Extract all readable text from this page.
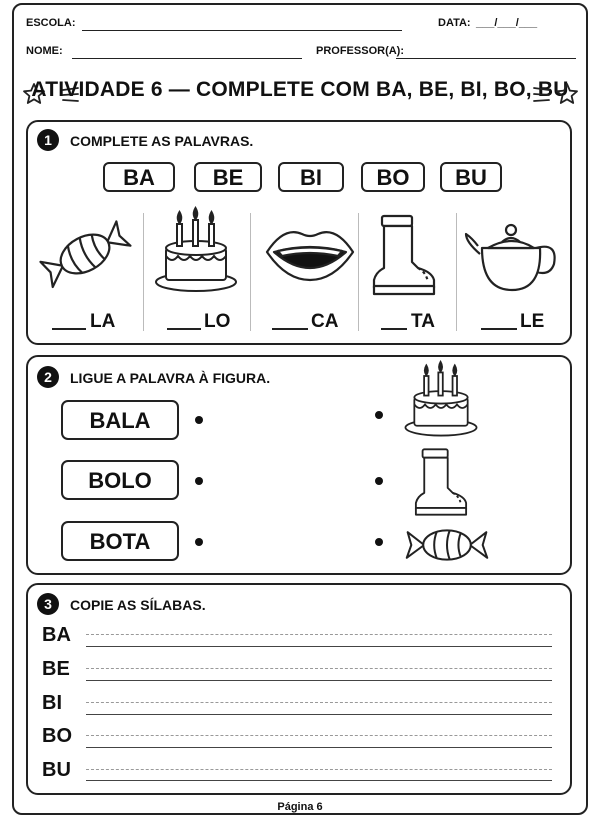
ESCOLA:	DATA: ___/___/___
NOME:	PROFESSOR(A):
ATIVIDADE 6 — COMPLETE COM BA, BE, BI, BO, BU
1	COMPLETE AS PALAVRAS.
BA	BE	BI	BO	BU
LA	LO	CA	TA	LE
2	LIGUE A PALAVRA À FIGURA.
BALA
BOLO
BOTA
3	COPIE AS SÍLABAS.
BA
BE
BI
BO
BU
Página 6
